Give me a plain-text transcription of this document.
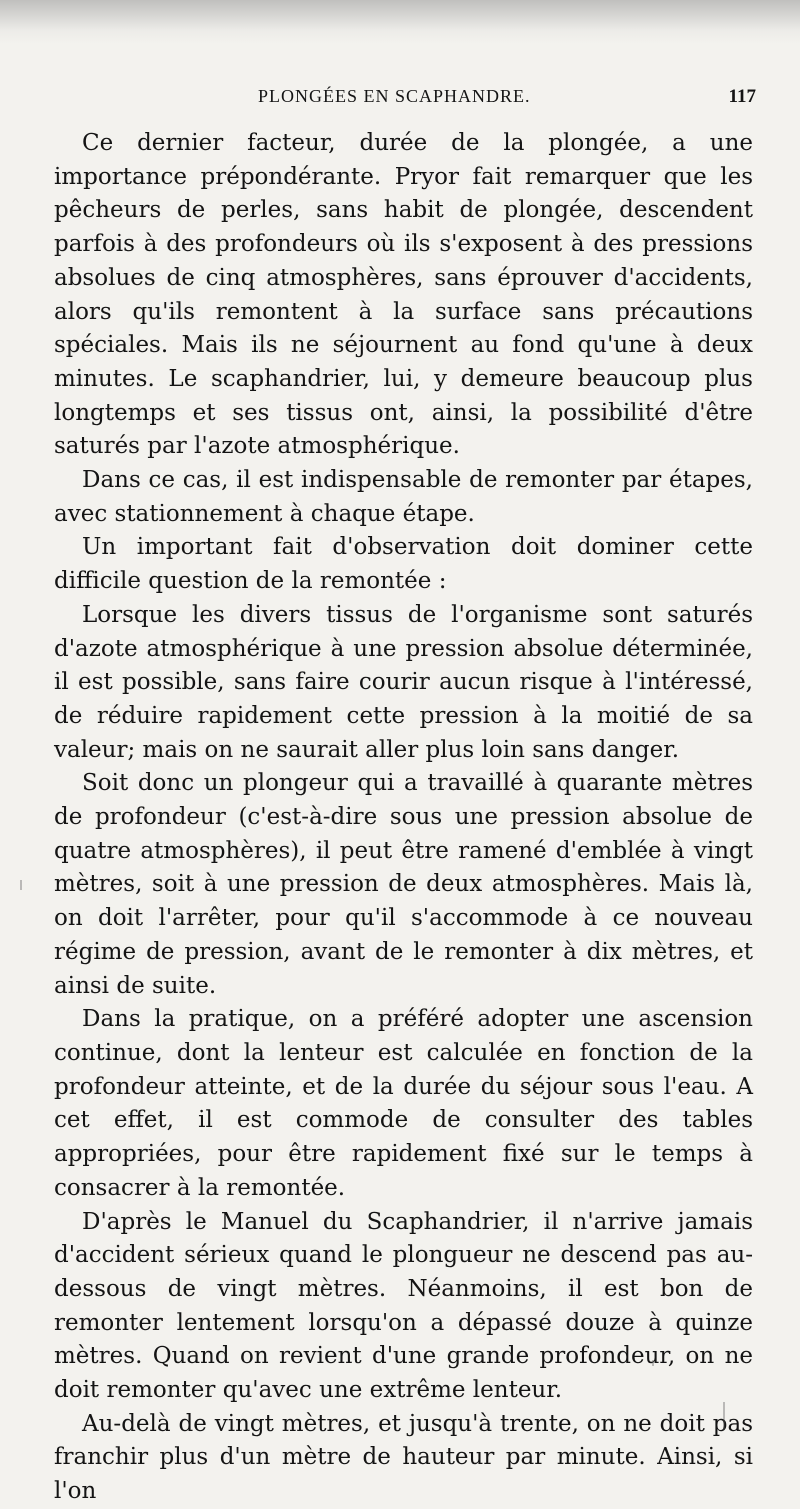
PLONGÉES EN SCAPHANDRE.	117

Ce dernier facteur, durée de la plongée, a une importance prépondérante. Pryor fait remarquer que les pêcheurs de perles, sans habit de plongée, descendent parfois à des profondeurs où ils s'exposent à des pressions absolues de cinq atmosphères, sans éprouver d'accidents, alors qu'ils remontent à la surface sans précautions spéciales. Mais ils ne séjournent au fond qu'une à deux minutes. Le scaphandrier, lui, y demeure beaucoup plus longtemps et ses tissus ont, ainsi, la possibilité d'être saturés par l'azote atmosphérique.

Dans ce cas, il est indispensable de remonter par étapes, avec stationnement à chaque étape.

Un important fait d'observation doit dominer cette difficile question de la remontée :

Lorsque les divers tissus de l'organisme sont saturés d'azote atmosphérique à une pression absolue déterminée, il est possible, sans faire courir aucun risque à l'intéressé, de réduire rapidement cette pression à la moitié de sa valeur; mais on ne saurait aller plus loin sans danger.

Soit donc un plongeur qui a travaillé à quarante mètres de profondeur (c'est-à-dire sous une pression absolue de quatre atmosphères), il peut être ramené d'emblée à vingt mètres, soit à une pression de deux atmosphères. Mais là, on doit l'arrêter, pour qu'il s'accommode à ce nouveau régime de pression, avant de le remonter à dix mètres, et ainsi de suite.

Dans la pratique, on a préféré adopter une ascension continue, dont la lenteur est calculée en fonction de la profondeur atteinte, et de la durée du séjour sous l'eau. A cet effet, il est commode de consulter des tables appropriées, pour être rapidement fixé sur le temps à consacrer à la remontée.

D'après le Manuel du Scaphandrier, il n'arrive jamais d'accident sérieux quand le plongueur ne descend pas au-dessous de vingt mètres. Néanmoins, il est bon de remonter lentement lorsqu'on a dépassé douze à quinze mètres. Quand on revient d'une grande profondeur, on ne doit remonter qu'avec une extrême lenteur.

Au-delà de vingt mètres, et jusqu'à trente, on ne doit pas franchir plus d'un mètre de hauteur par minute. Ainsi, si l'on
